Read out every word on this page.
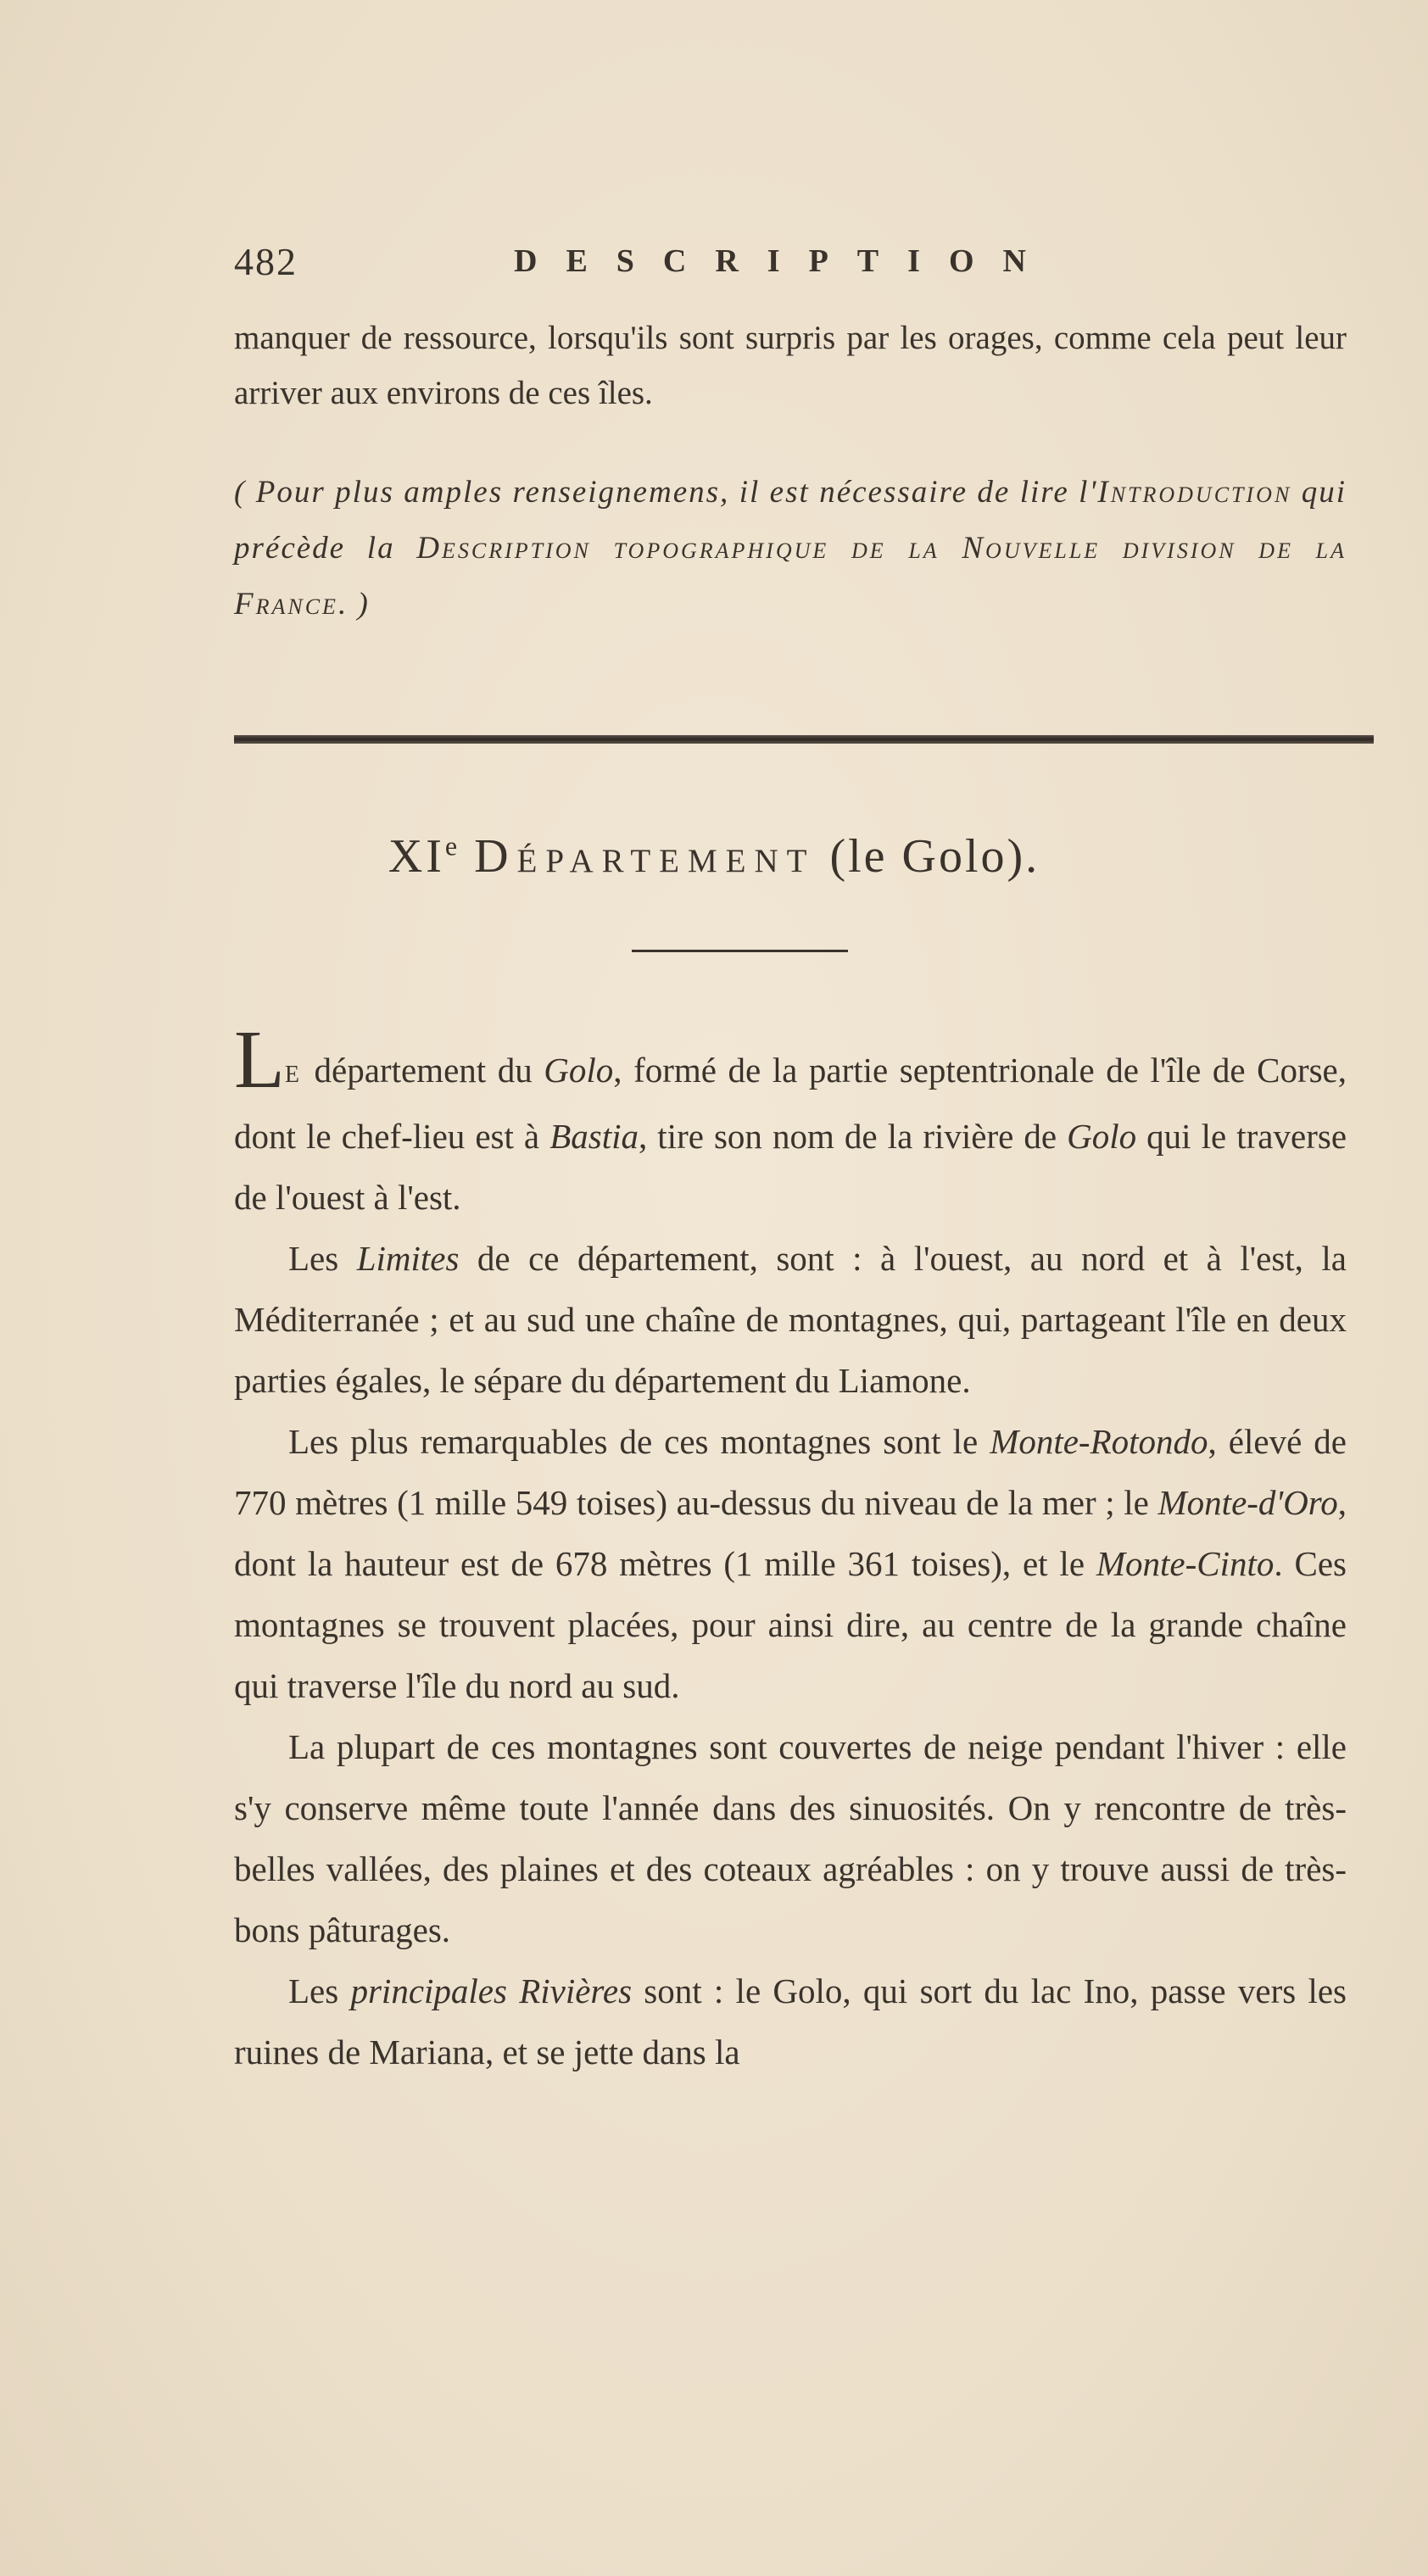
482	DESCRIPTION

manquer de ressource, lorsqu'ils sont surpris par les orages, comme cela peut leur arriver aux environs de ces îles.

( Pour plus amples renseignemens, il est nécessaire de lire l'Introduction qui précède la Description topographique de la Nouvelle division de la France. )

XIe Département (le Golo).

LE département du Golo, formé de la partie septentrionale de l'île de Corse, dont le chef-lieu est à Bastia, tire son nom de la rivière de Golo qui le traverse de l'ouest à l'est.

Les Limites de ce département, sont : à l'ouest, au nord et à l'est, la Méditerranée ; et au sud une chaîne de montagnes, qui, partageant l'île en deux parties égales, le sépare du département du Liamone.

Les plus remarquables de ces montagnes sont le Monte-Rotondo, élevé de 770 mètres (1 mille 549 toises) au-dessus du niveau de la mer ; le Monte-d'Oro, dont la hauteur est de 678 mètres (1 mille 361 toises), et le Monte-Cinto. Ces montagnes se trouvent placées, pour ainsi dire, au centre de la grande chaîne qui traverse l'île du nord au sud.

La plupart de ces montagnes sont couvertes de neige pendant l'hiver : elle s'y conserve même toute l'année dans des sinuosités. On y rencontre de très-belles vallées, des plaines et des coteaux agréables : on y trouve aussi de très-bons pâturages.

Les principales Rivières sont : le Golo, qui sort du lac Ino, passe vers les ruines de Mariana, et se jette dans la
